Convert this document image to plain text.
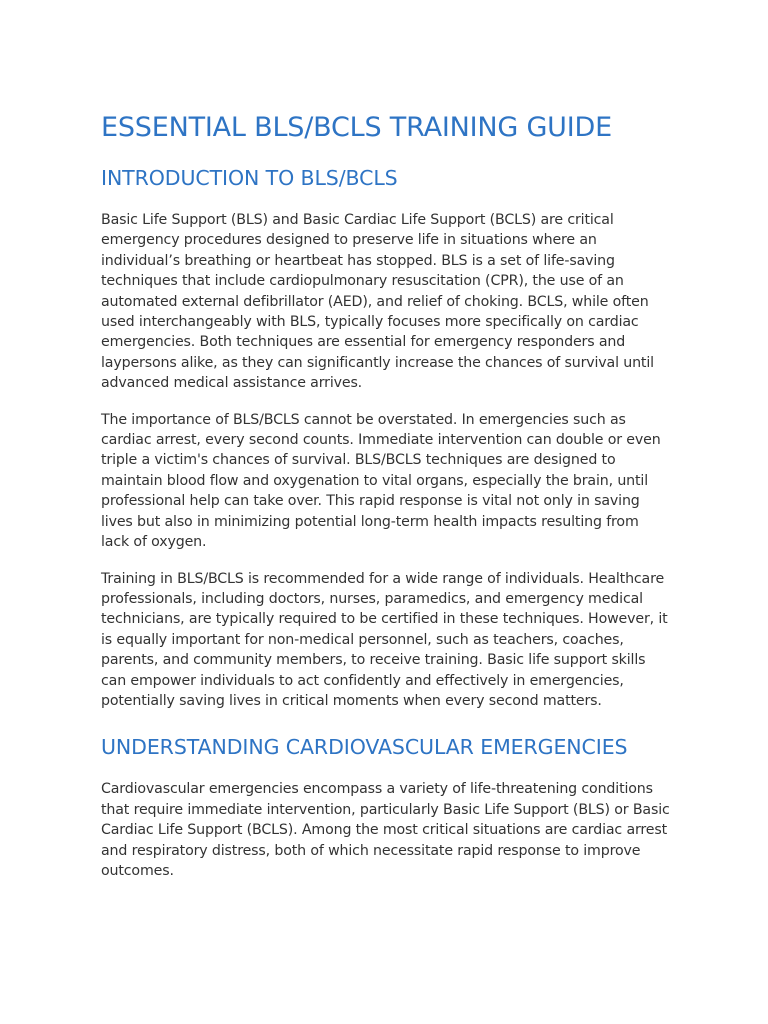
ESSENTIAL BLS/BCLS TRAINING GUIDE
INTRODUCTION TO BLS/BCLS

Basic Life Support (BLS) and Basic Cardiac Life Support (BCLS) are critical emergency procedures designed to preserve life in situations where an individual’s breathing or heartbeat has stopped. BLS is a set of life-saving techniques that include cardiopulmonary resuscitation (CPR), the use of an automated external defibrillator (AED), and relief of choking. BCLS, while often used interchangeably with BLS, typically focuses more specifically on cardiac emergencies. Both techniques are essential for emergency responders and laypersons alike, as they can significantly increase the chances of survival until advanced medical assistance arrives.

The importance of BLS/BCLS cannot be overstated. In emergencies such as cardiac arrest, every second counts. Immediate intervention can double or even triple a victim's chances of survival. BLS/BCLS techniques are designed to maintain blood flow and oxygenation to vital organs, especially the brain, until professional help can take over. This rapid response is vital not only in saving lives but also in minimizing potential long-term health impacts resulting from lack of oxygen.

Training in BLS/BCLS is recommended for a wide range of individuals. Healthcare professionals, including doctors, nurses, paramedics, and emergency medical technicians, are typically required to be certified in these techniques. However, it is equally important for non-medical personnel, such as teachers, coaches, parents, and community members, to receive training. Basic life support skills can empower individuals to act confidently and effectively in emergencies, potentially saving lives in critical moments when every second matters.

UNDERSTANDING CARDIOVASCULAR EMERGENCIES

Cardiovascular emergencies encompass a variety of life-threatening conditions that require immediate intervention, particularly Basic Life Support (BLS) or Basic Cardiac Life Support (BCLS). Among the most critical situations are cardiac arrest and respiratory distress, both of which necessitate rapid response to improve outcomes.
